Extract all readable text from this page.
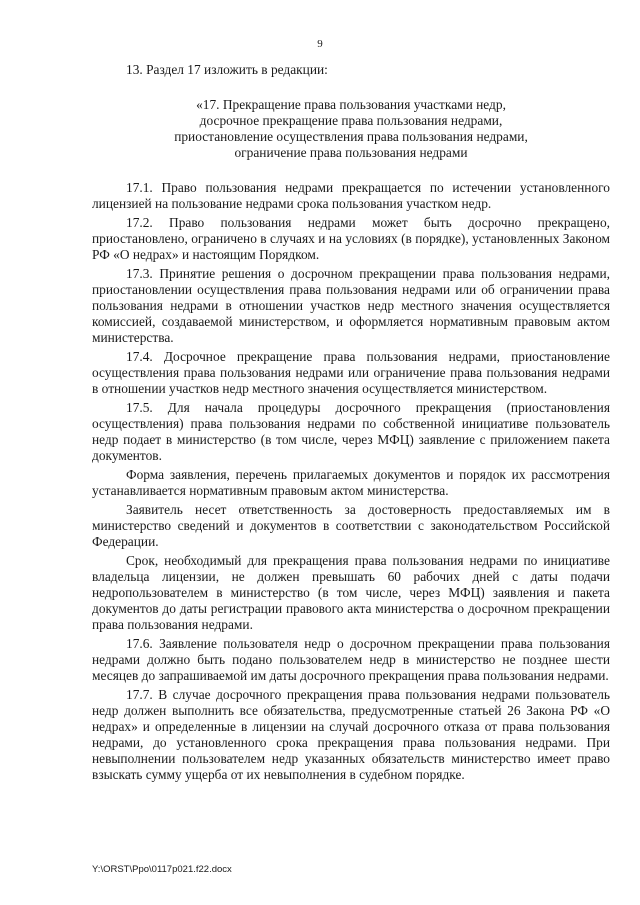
9
13. Раздел 17 изложить в редакции:
«17. Прекращение права пользования участками недр,
досрочное прекращение права пользования недрами,
приостановление осуществления права пользования недрами,
ограничение права пользования недрами

17.1. Право пользования недрами прекращается по истечении установленного лицензией на пользование недрами срока пользования участком недр.

17.2. Право пользования недрами может быть досрочно прекращено, приостановлено, ограничено в случаях и на условиях (в порядке), установленных Законом РФ «О недрах» и настоящим Порядком.

17.3. Принятие решения о досрочном прекращении права пользования недрами, приостановлении осуществления права пользования недрами или об ограничении права пользования недрами в отношении участков недр местного значения осуществляется комиссией, создаваемой министерством, и оформляется нормативным правовым актом министерства.

17.4. Досрочное прекращение права пользования недрами, приостановление осуществления права пользования недрами или ограничение права пользования недрами в отношении участков недр местного значения осуществляется министерством.

17.5. Для начала процедуры досрочного прекращения (приостановления осуществления) права пользования недрами по собственной инициативе пользователь недр подает в министерство (в том числе, через МФЦ) заявление с приложением пакета документов.

Форма заявления, перечень прилагаемых документов и порядок их рассмотрения устанавливается нормативным правовым актом министерства.

Заявитель несет ответственность за достоверность предоставляемых им в министерство сведений и документов в соответствии с законодательством Российской Федерации.

Срок, необходимый для прекращения права пользования недрами по инициативе владельца лицензии, не должен превышать 60 рабочих дней с даты подачи недропользователем в министерство (в том числе, через МФЦ) заявления и пакета документов до даты регистрации правового акта министерства о досрочном прекращении права пользования недрами.

17.6. Заявление пользователя недр о досрочном прекращении права пользования недрами должно быть подано пользователем недр в министерство не позднее шести месяцев до запрашиваемой им даты досрочного прекращения права пользования недрами.

17.7. В случае досрочного прекращения права пользования недрами пользователь недр должен выполнить все обязательства, предусмотренные статьей 26 Закона РФ «О недрах» и определенные в лицензии на случай досрочного отказа от права пользования недрами, до установленного срока прекращения права пользования недрами. При невыполнении пользователем недр указанных обязательств министерство имеет право взыскать сумму ущерба от их невыполнения в судебном порядке.

Y:\ORST\Ppo\0117p021.f22.docx
